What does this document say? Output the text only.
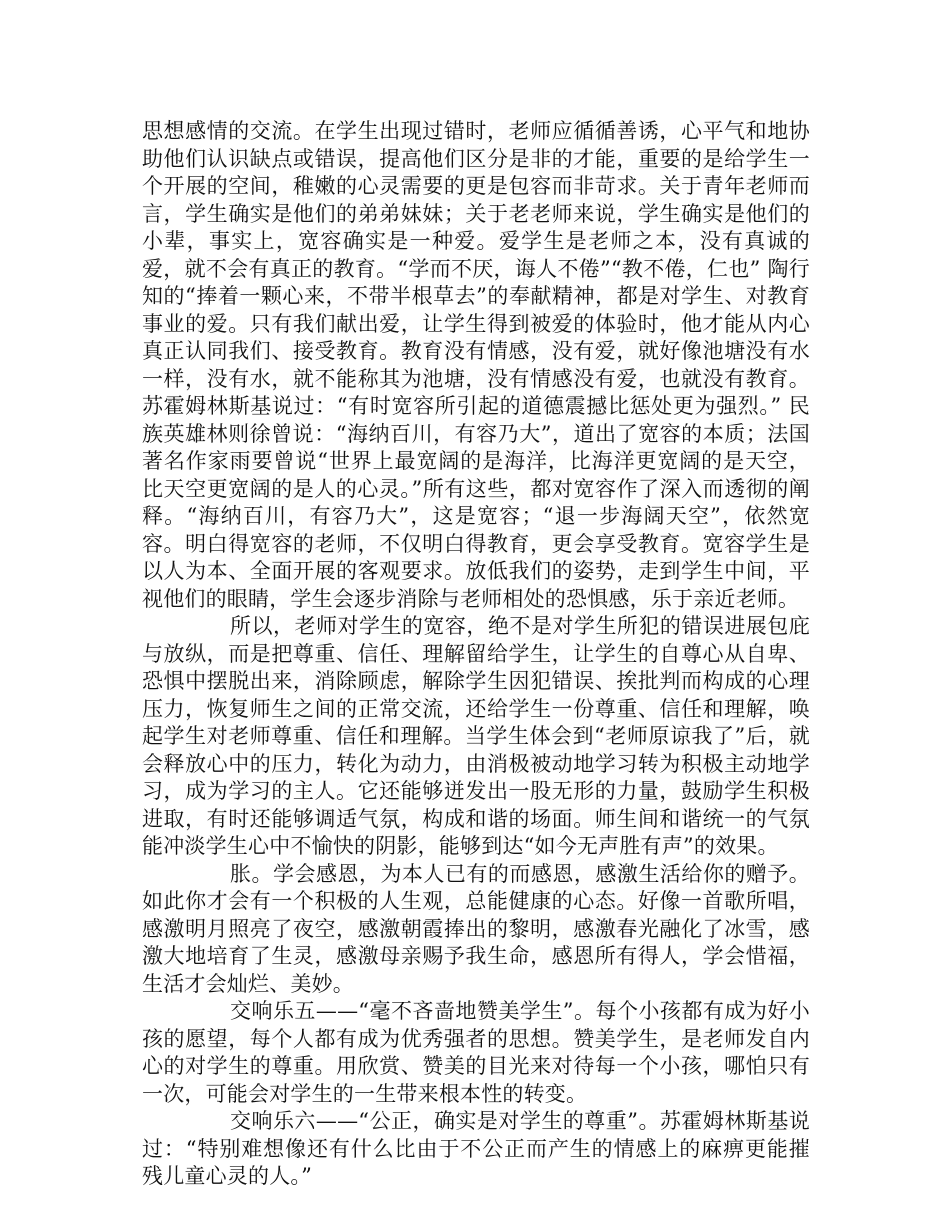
思想感情的交流。在学生出现过错时，老师应循循善诱，心平气和地协助他们认识缺点或错误，提高他们区分是非的才能，重要的是给学生一个开展的空间，稚嫩的心灵需要的更是包容而非苛求。关于青年老师而言，学生确实是他们的弟弟妹妹；关于老老师来说，学生确实是他们的小辈，事实上，宽容确实是一种爱。爱学生是老师之本，没有真诚的爱，就不会有真正的教育。“学而不厌，诲人不倦”“教不倦，仁也” 陶行知的“捧着一颗心来，不带半根草去”的奉献精神，都是对学生、对教育事业的爱。只有我们献出爱，让学生得到被爱的体验时，他才能从内心真正认同我们、接受教育。教育没有情感，没有爱，就好像池塘没有水一样，没有水，就不能称其为池塘，没有情感没有爱，也就没有教育。苏霍姆林斯基说过：“有时宽容所引起的道德震撼比惩处更为强烈。” 民族英雄林则徐曾说：“海纳百川，有容乃大”，道出了宽容的本质；法国著名作家雨要曾说“世界上最宽阔的是海洋，比海洋更宽阔的是天空，比天空更宽阔的是人的心灵。”所有这些，都对宽容作了深入而透彻的阐释。“海纳百川，有容乃大”，这是宽容；“退一步海阔天空”，依然宽容。明白得宽容的老师，不仅明白得教育，更会享受教育。宽容学生是以人为本、全面开展的客观要求。放低我们的姿势，走到学生中间，平视他们的眼睛，学生会逐步消除与老师相处的恐惧感，乐于亲近老师。

所以，老师对学生的宽容，绝不是对学生所犯的错误进展包庇与放纵，而是把尊重、信任、理解留给学生，让学生的自尊心从自卑、恐惧中摆脱出来，消除顾虑，解除学生因犯错误、挨批判而构成的心理压力，恢复师生之间的正常交流，还给学生一份尊重、信任和理解，唤起学生对老师尊重、信任和理解。当学生体会到“老师原谅我了”后，就会释放心中的压力，转化为动力，由消极被动地学习转为积极主动地学习，成为学习的主人。它还能够迸发出一股无形的力量，鼓励学生积极进取，有时还能够调适气氛，构成和谐的场面。师生间和谐统一的气氛能冲淡学生心中不愉快的阴影，能够到达“如今无声胜有声”的效果。

胀。学会感恩，为本人已有的而感恩，感激生活给你的赠予。如此你才会有一个积极的人生观，总能健康的心态。好像一首歌所唱，感激明月照亮了夜空，感激朝霞捧出的黎明，感激春光融化了冰雪，感激大地培育了生灵，感激母亲赐予我生命，感恩所有得人，学会惜福，生活才会灿烂、美妙。

交响乐五——“毫不吝啬地赞美学生”。每个小孩都有成为好小孩的愿望，每个人都有成为优秀强者的思想。赞美学生，是老师发自内心的对学生的尊重。用欣赏、赞美的目光来对待每一个小孩，哪怕只有一次，可能会对学生的一生带来根本性的转变。

交响乐六——“公正，确实是对学生的尊重”。苏霍姆林斯基说过：“特别难想像还有什么比由于不公正而产生的情感上的麻痹更能摧残儿童心灵的人。”
